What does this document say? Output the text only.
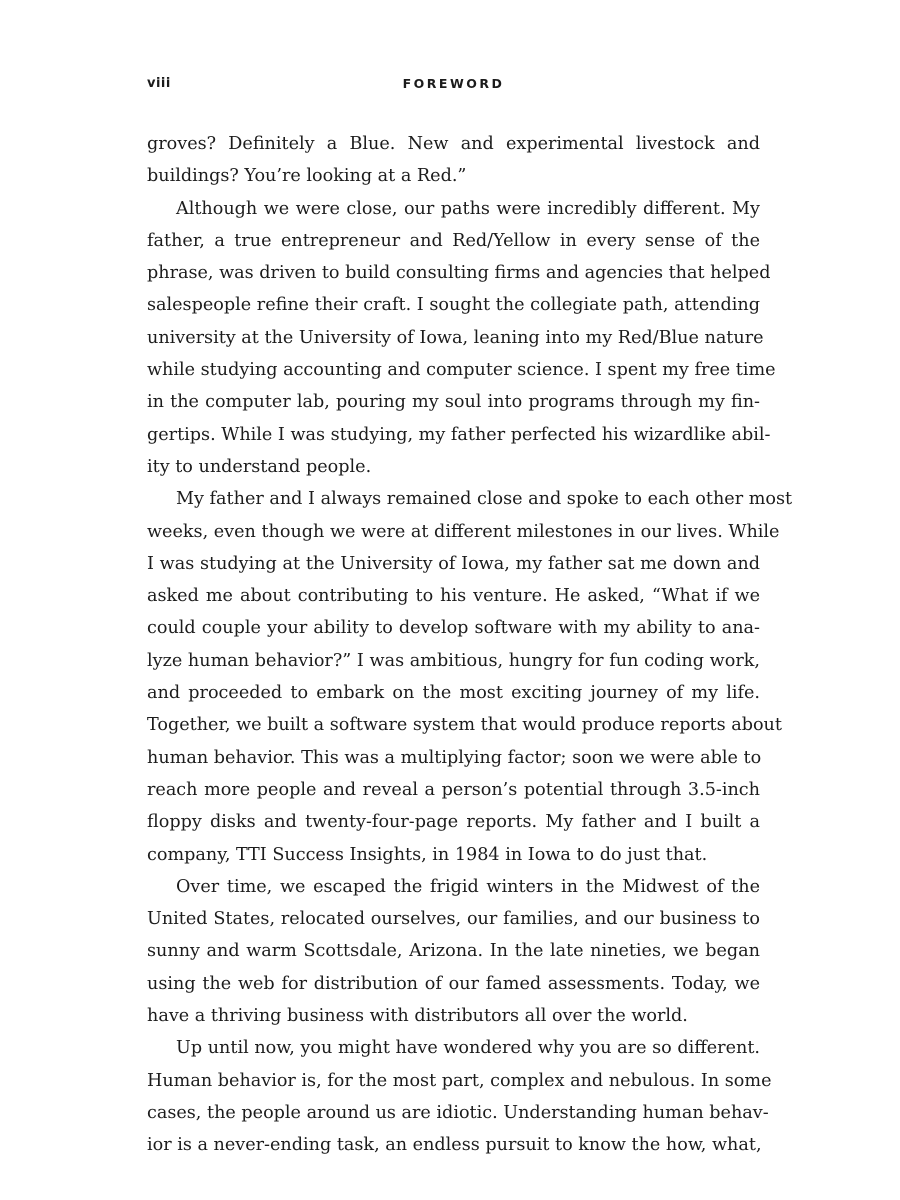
viii	FOREWORD
groves? Definitely a Blue. New and experimental livestock and
buildings? You’re looking at a Red.”
Although we were close, our paths were incredibly different. My
father, a true entrepreneur and Red/Yellow in every sense of the
phrase, was driven to build consulting firms and agencies that helped
salespeople refine their craft. I sought the collegiate path, attending
university at the University of Iowa, leaning into my Red/Blue nature
while studying accounting and computer science. I spent my free time
in the computer lab, pouring my soul into programs through my fin-
gertips. While I was studying, my father perfected his wizardlike abil-
ity to understand people.
My father and I always remained close and spoke to each other most
weeks, even though we were at different milestones in our lives. While
I was studying at the University of Iowa, my father sat me down and
asked me about contributing to his venture. He asked, “What if we
could couple your ability to develop software with my ability to ana-
lyze human behavior?” I was ambitious, hungry for fun coding work,
and proceeded to embark on the most exciting journey of my life.
Together, we built a software system that would produce reports about
human behavior. This was a multiplying factor; soon we were able to
reach more people and reveal a person’s potential through 3.5-inch
floppy disks and twenty-four-page reports. My father and I built a
company, TTI Success Insights, in 1984 in Iowa to do just that.
Over time, we escaped the frigid winters in the Midwest of the
United States, relocated ourselves, our families, and our business to
sunny and warm Scottsdale, Arizona. In the late nineties, we began
using the web for distribution of our famed assessments. Today, we
have a thriving business with distributors all over the world.
Up until now, you might have wondered why you are so different.
Human behavior is, for the most part, complex and nebulous. In some
cases, the people around us are idiotic. Understanding human behav-
ior is a never-ending task, an endless pursuit to know the how, what,
